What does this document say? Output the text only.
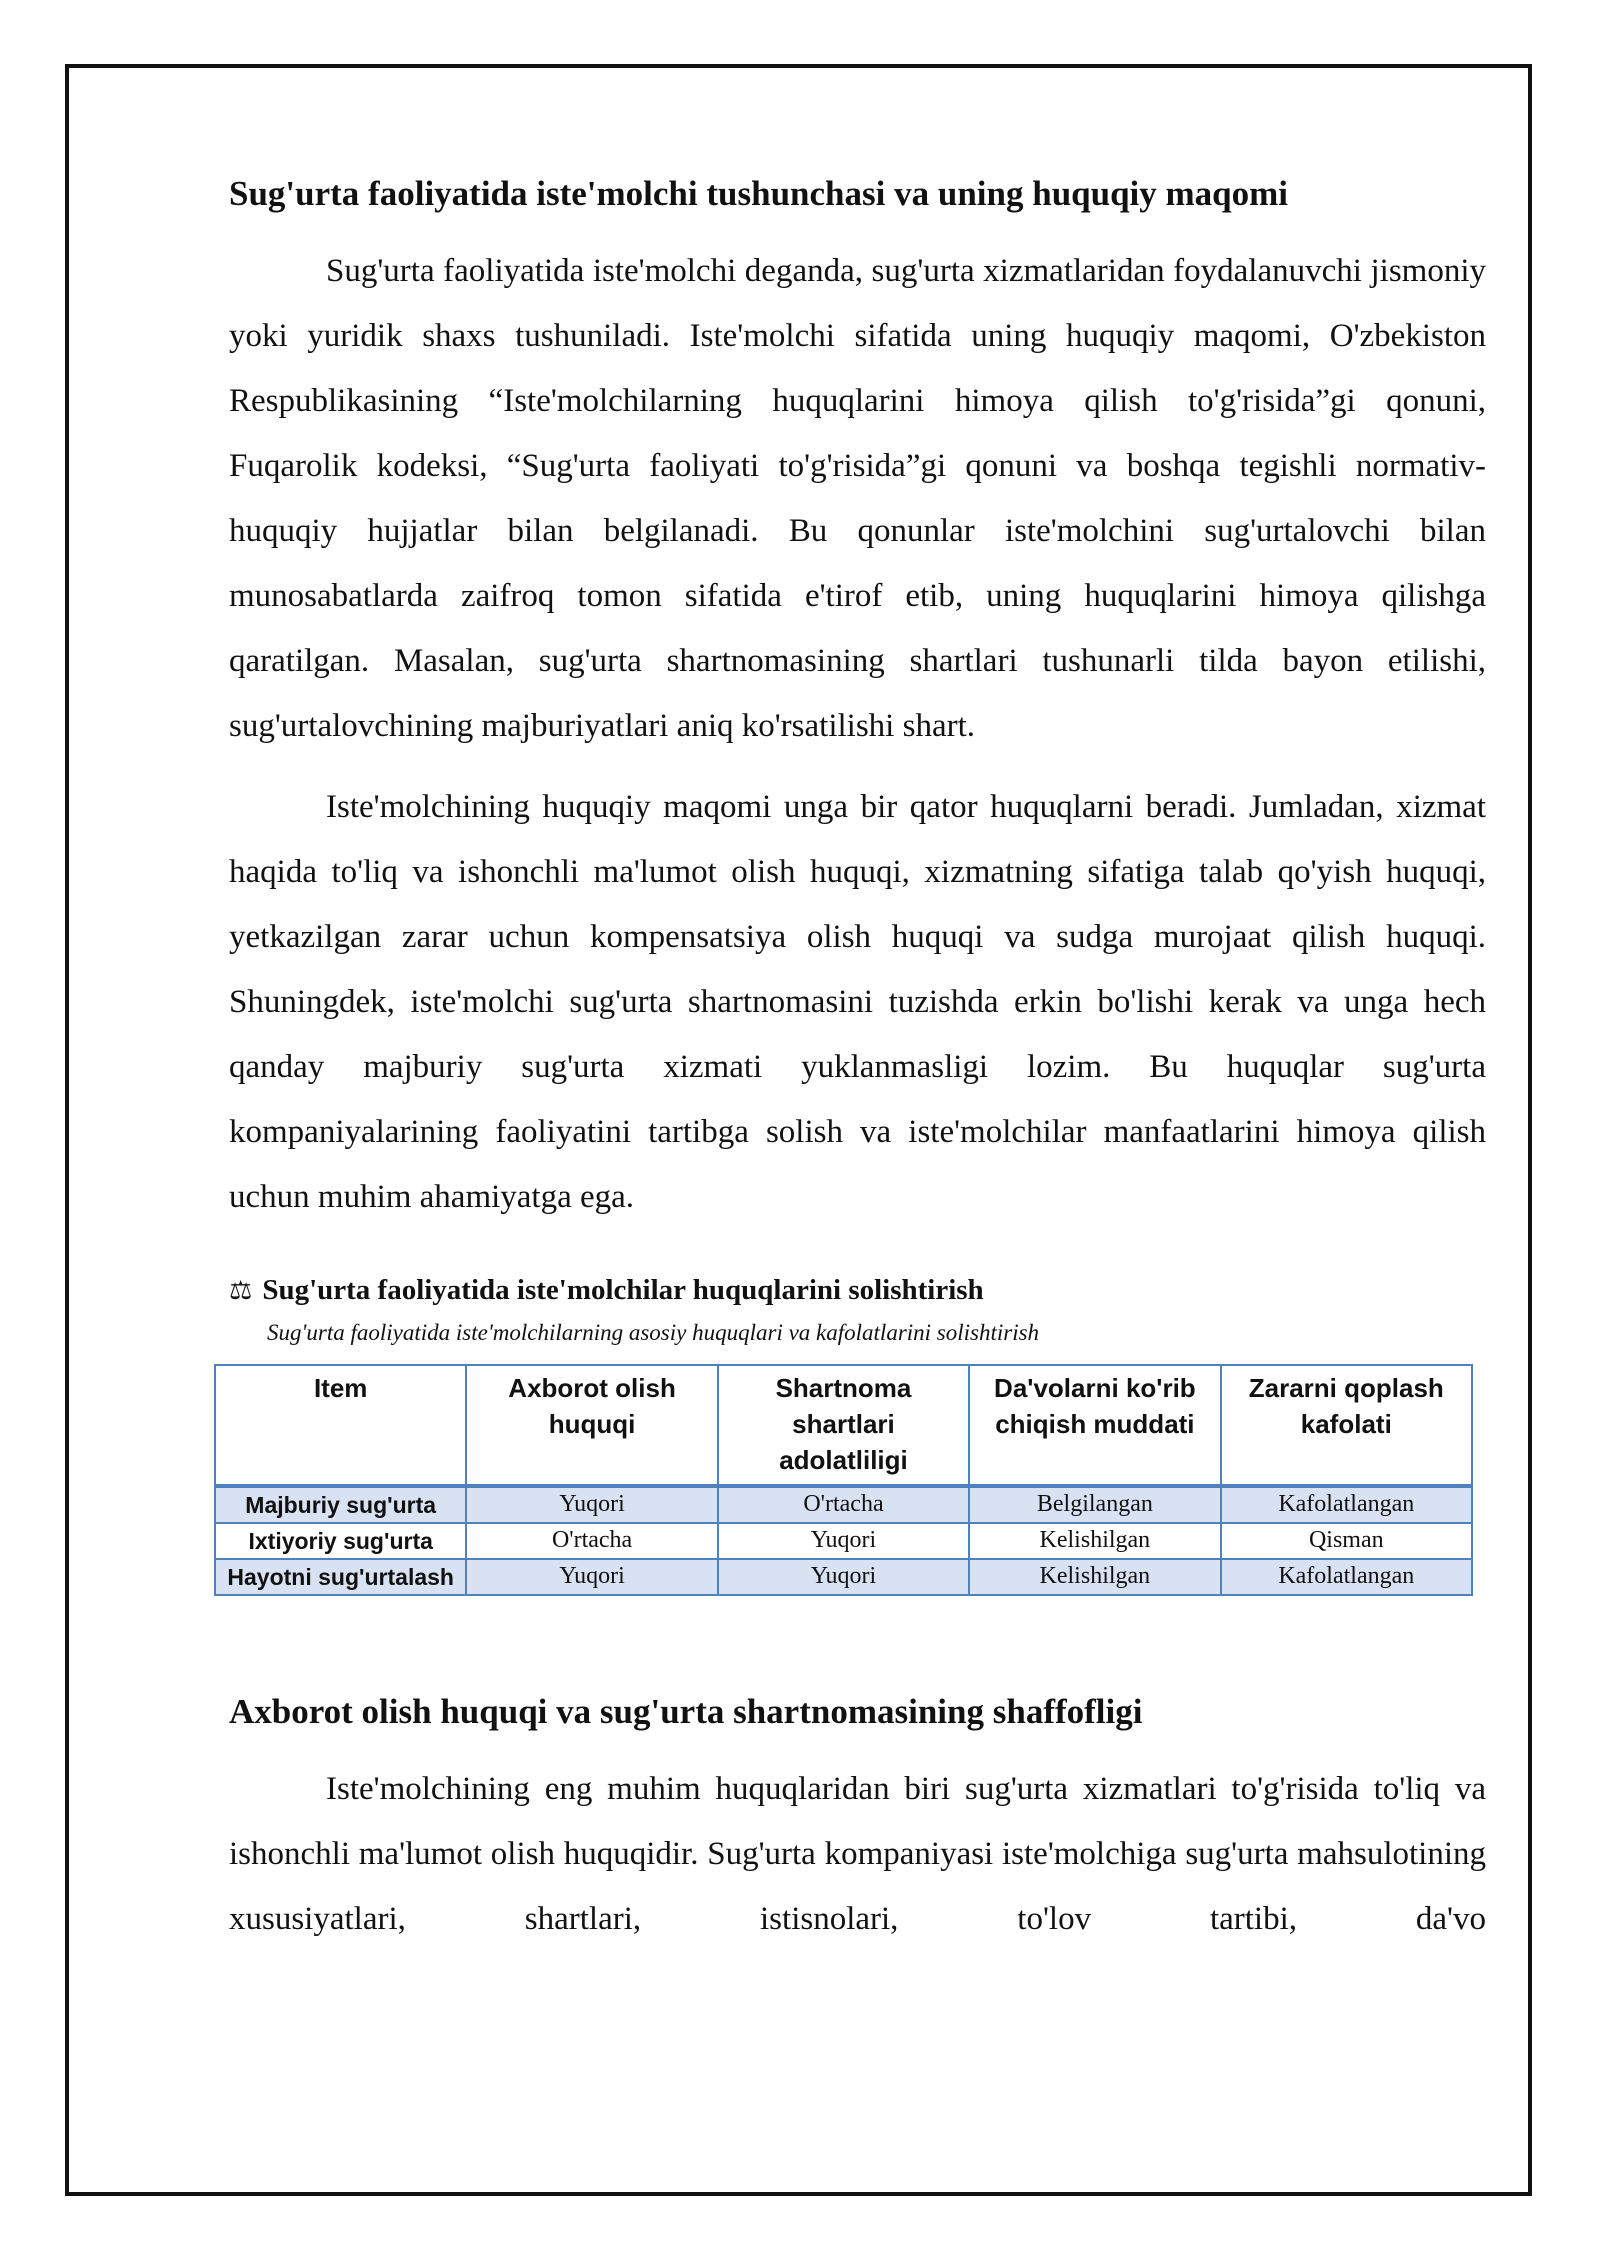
Sug'urta faoliyatida iste'molchi tushunchasi va uning huquqiy maqomi

Sug'urta faoliyatida iste'molchi deganda, sug'urta xizmatlaridan foydalanuvchi jismoniy yoki yuridik shaxs tushuniladi. Iste'molchi sifatida uning huquqiy maqomi, O'zbekiston Respublikasining “Iste'molchilarning huquqlarini himoya qilish to'g'risida”gi qonuni, Fuqarolik kodeksi, “Sug'urta faoliyati to'g'risida”gi qonuni va boshqa tegishli normativ-huquqiy hujjatlar bilan belgilanadi. Bu qonunlar iste'molchini sug'urtalovchi bilan munosabatlarda zaifroq tomon sifatida e'tirof etib, uning huquqlarini himoya qilishga qaratilgan. Masalan, sug'urta shartnomasining shartlari tushunarli tilda bayon etilishi, sug'urtalovchining majburiyatlari aniq ko'rsatilishi shart.

Iste'molchining huquqiy maqomi unga bir qator huquqlarni beradi. Jumladan, xizmat haqida to'liq va ishonchli ma'lumot olish huquqi, xizmatning sifatiga talab qo'yish huquqi, yetkazilgan zarar uchun kompensatsiya olish huquqi va sudga murojaat qilish huquqi. Shuningdek, iste'molchi sug'urta shartnomasini tuzishda erkin bo'lishi kerak va unga hech qanday majburiy sug'urta xizmati yuklanmasligi lozim. Bu huquqlar sug'urta kompaniyalarining faoliyatini tartibga solish va iste'molchilar manfaatlarini himoya qilish uchun muhim ahamiyatga ega.

⚖ Sug'urta faoliyatida iste'molchilar huquqlarini solishtirish
Sug'urta faoliyatida iste'molchilarning asosiy huquqlari va kafolatlarini solishtirish
Item	Axborot olish huquqi	Shartnoma shartlari adolatliligi	Da'volarni ko'rib chiqish muddati	Zararni qoplash kafolati
Majburiy sug'urta	Yuqori	O'rtacha	Belgilangan	Kafolatlangan
Ixtiyoriy sug'urta	O'rtacha	Yuqori	Kelishilgan	Qisman
Hayotni sug'urtalash	Yuqori	Yuqori	Kelishilgan	Kafolatlangan
Axborot olish huquqi va sug'urta shartnomasining shaffofligi

Iste'molchining eng muhim huquqlaridan biri sug'urta xizmatlari to'g'risida to'liq va ishonchli ma'lumot olish huquqidir. Sug'urta kompaniyasi iste'molchiga sug'urta mahsulotining xususiyatlari, shartlari, istisnolari, to'lov tartibi, da'vo
